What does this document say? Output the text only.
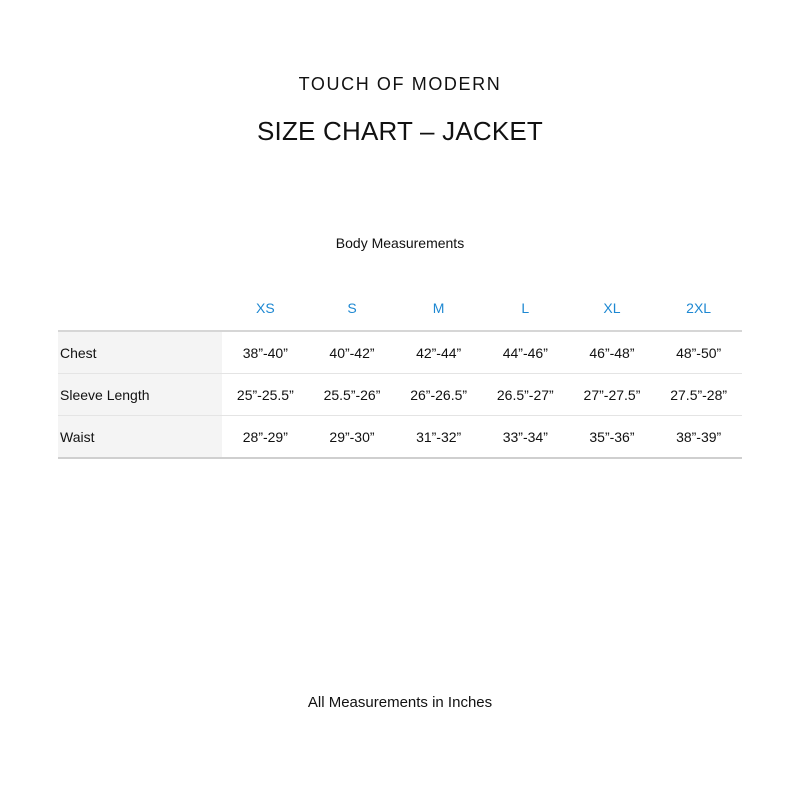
TOUCH OF MODERN
SIZE CHART – JACKET
Body Measurements
	XS	S	M	L	XL	2XL
Chest	38”-40”	40”-42”	42”-44”	44”-46”	46”-48”	48”-50”
Sleeve Length	25”-25.5”	25.5”-26”	26”-26.5”	26.5”-27”	27”-27.5”	27.5”-28”
Waist	28”-29”	29”-30”	31”-32”	33”-34”	35”-36”	38”-39”
All Measurements in Inches
